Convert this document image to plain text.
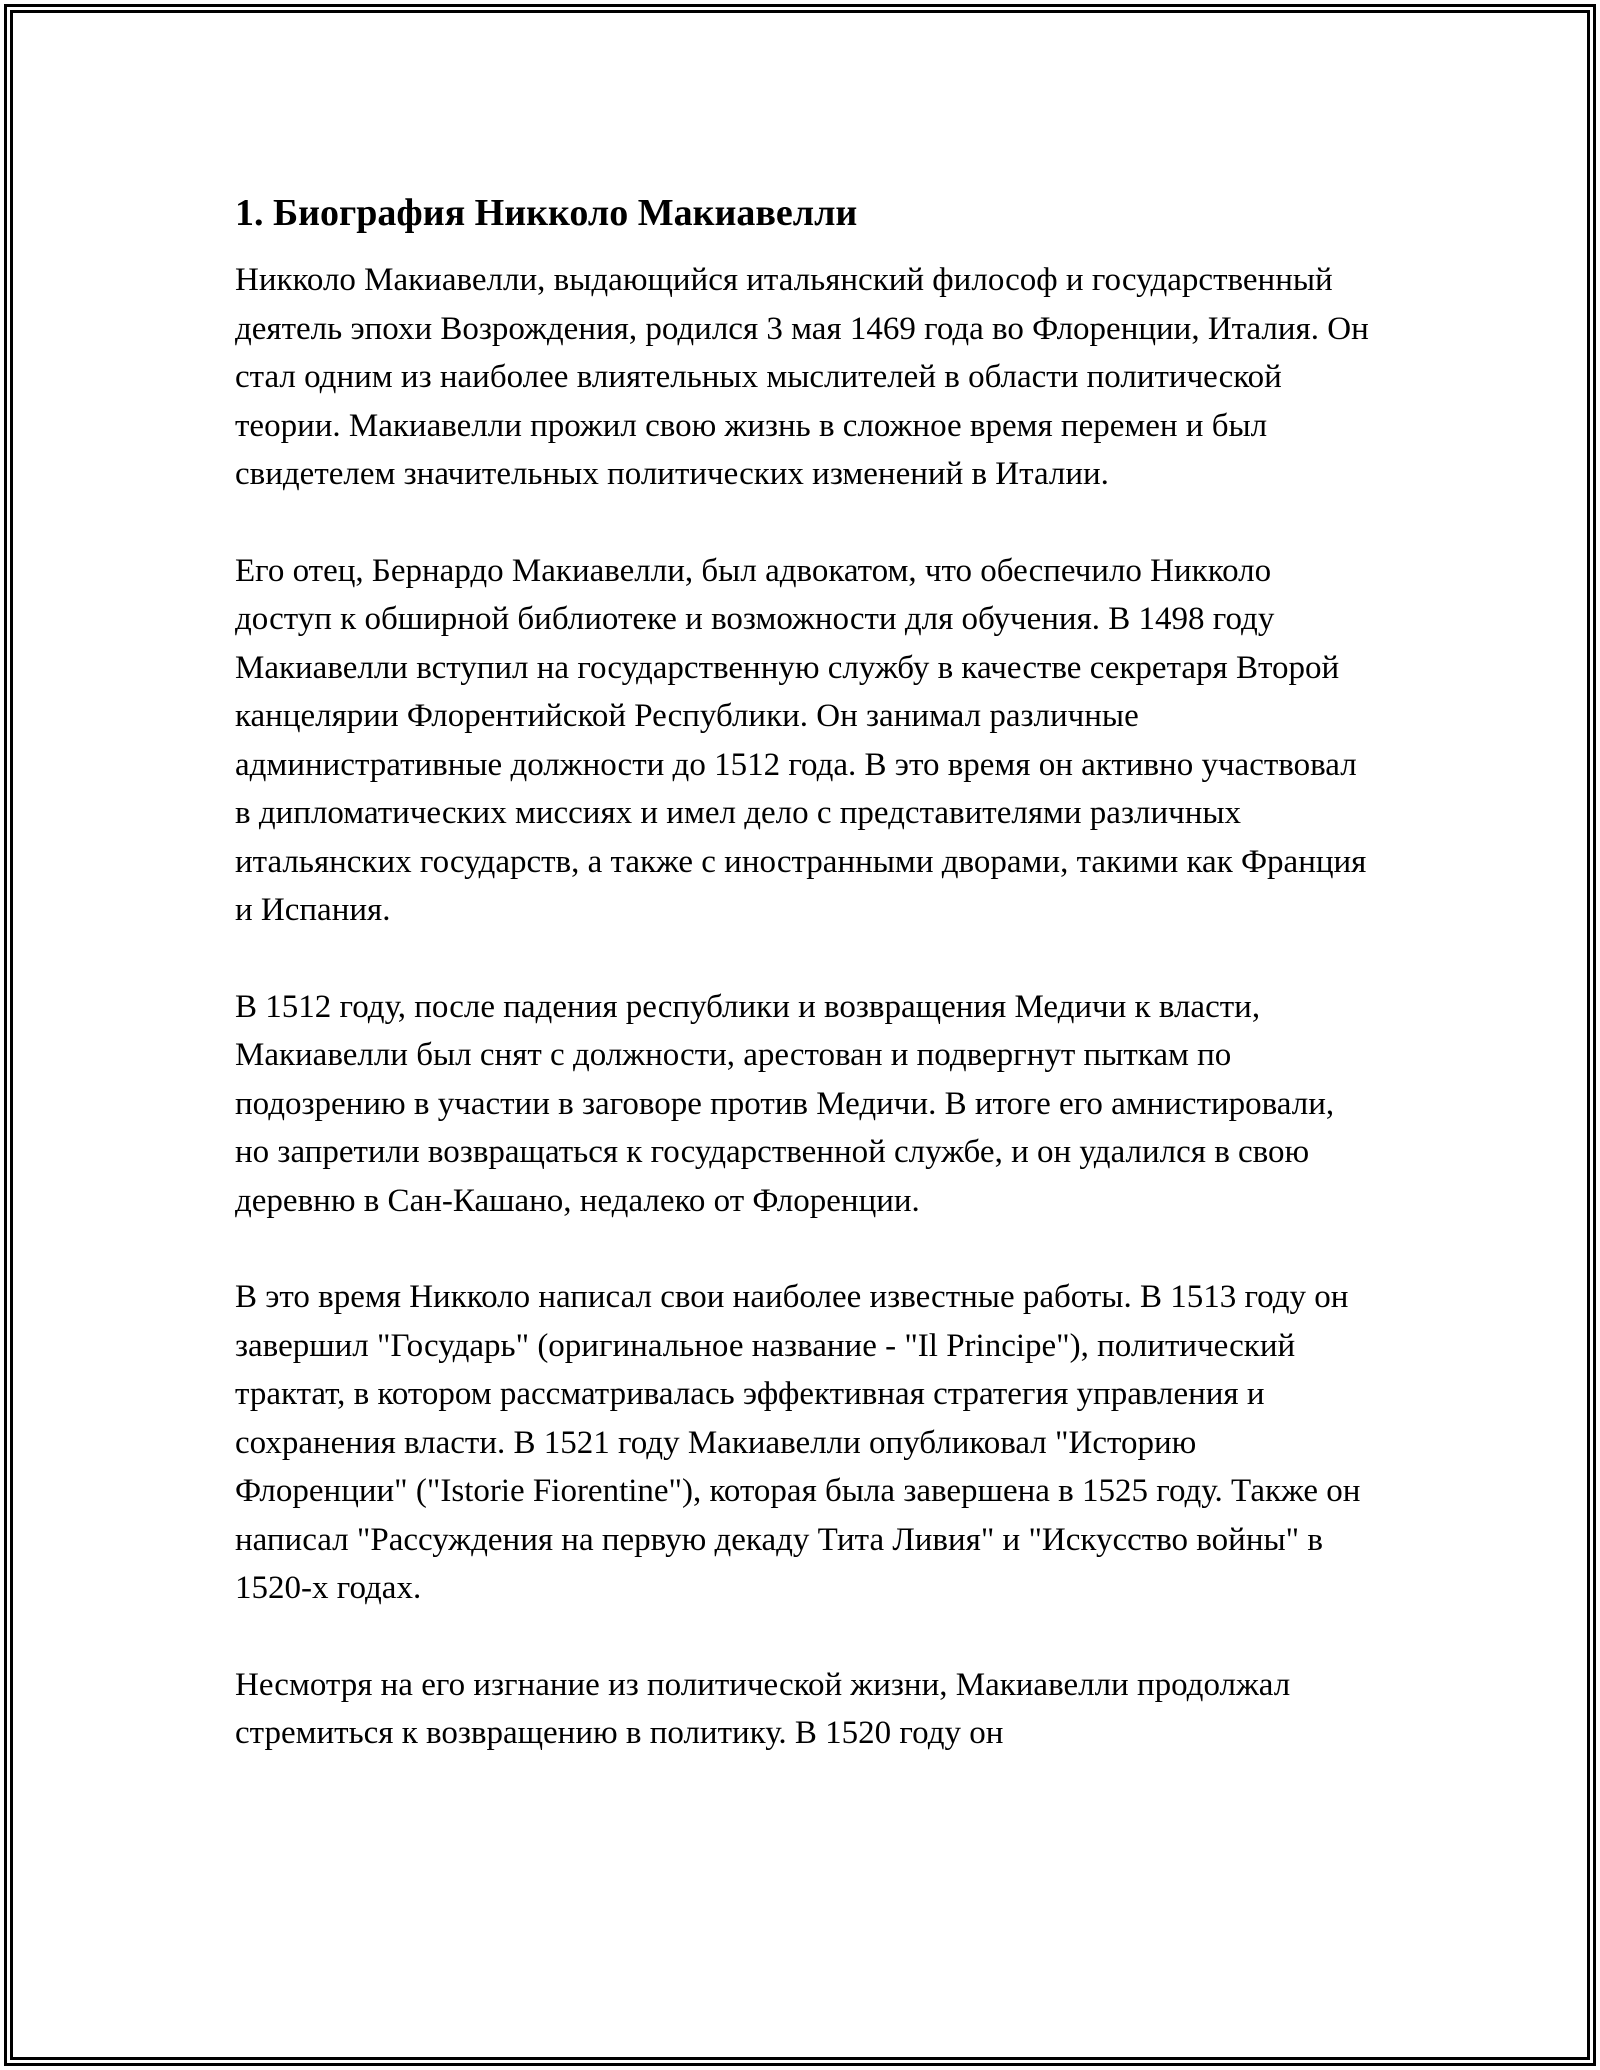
1. Биография Никколо Макиавелли

Никколо Макиавелли, выдающийся итальянский философ и государственный деятель эпохи Возрождения, родился 3 мая 1469 года во Флоренции, Италия. Он стал одним из наиболее влиятельных мыслителей в области политической теории. Макиавелли прожил свою жизнь в сложное время перемен и был свидетелем значительных политических изменений в Италии.

Его отец, Бернардо Макиавелли, был адвокатом, что обеспечило Никколо доступ к обширной библиотеке и возможности для обучения. В 1498 году Макиавелли вступил на государственную службу в качестве секретаря Второй канцелярии Флорентийской Республики. Он занимал различные административные должности до 1512 года. В это время он активно участвовал в дипломатических миссиях и имел дело с представителями различных итальянских государств, а также с иностранными дворами, такими как Франция и Испания.

В 1512 году, после падения республики и возвращения Медичи к власти, Макиавелли был снят с должности, арестован и подвергнут пыткам по подозрению в участии в заговоре против Медичи. В итоге его амнистировали, но запретили возвращаться к государственной службе, и он удалился в свою деревню в Сан-Кашано, недалеко от Флоренции.

В это время Никколо написал свои наиболее известные работы. В 1513 году он завершил "Государь" (оригинальное название - "Il Principe"), политический трактат, в котором рассматривалась эффективная стратегия управления и сохранения власти. В 1521 году Макиавелли опубликовал "Историю Флоренции" ("Istorie Fiorentine"), которая была завершена в 1525 году. Также он написал "Рассуждения на первую декаду Тита Ливия" и "Искусство войны" в 1520-х годах.

Несмотря на его изгнание из политической жизни, Макиавелли продолжал стремиться к возвращению в политику. В 1520 году он
